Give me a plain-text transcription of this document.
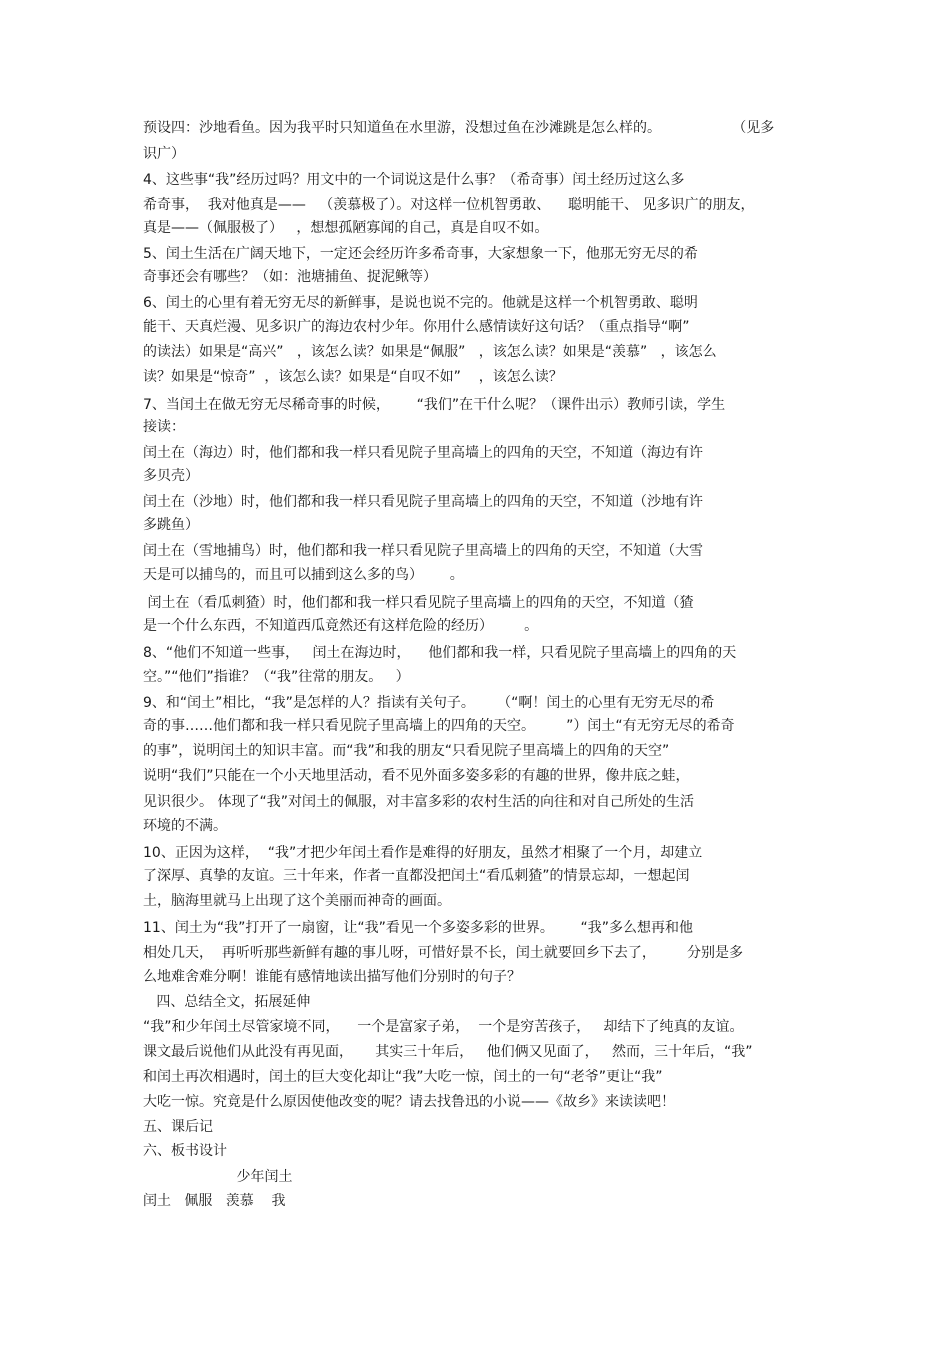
预设四：沙地看鱼。因为我平时只知道鱼在水里游，没想过鱼在沙滩跳是怎么样的。                （见多
识广）
4、这些事“我”经历过吗？用文中的一个词说这是什么事？（希奇事）闰土经历过这么多
希奇事，  我对他真是——   （羡慕极了）。对这样一位机智勇敢、    聪明能干、 见多识广的朋友，
真是——（佩服极了）   ，想想孤陋寡闻的自己，真是自叹不如。
5、闰土生活在广阔天地下，一定还会经历许多希奇事，大家想象一下，他那无穷无尽的希
奇事还会有哪些？（如：池塘捕鱼、捉泥鳅等）
6、闰土的心里有着无穷无尽的新鲜事，是说也说不完的。他就是这样一个机智勇敢、聪明
能干、天真烂漫、见多识广的海边农村少年。你用什么感情读好这句话？（重点指导“啊”
的读法）如果是“高兴”   ，该怎么读？如果是“佩服”   ，该怎么读？如果是“羡慕”   ，该怎么
读？如果是“惊奇”  ，该怎么读？如果是“自叹不如”    ，该怎么读？
7、当闰土在做无穷无尽稀奇事的时候，      “我们”在干什么呢？（课件出示）教师引读，学生
接读：
闰土在（海边）时，他们都和我一样只看见院子里高墙上的四角的天空，不知道（海边有许
多贝壳）
闰土在（沙地）时，他们都和我一样只看见院子里高墙上的四角的天空，不知道（沙地有许
多跳鱼）
闰土在（雪地捕鸟）时，他们都和我一样只看见院子里高墙上的四角的天空，不知道（大雪
天是可以捕鸟的，而且可以捕到这么多的鸟）      。
闰土在（看瓜刺猹）时，他们都和我一样只看见院子里高墙上的四角的天空，不知道（猹
是一个什么东西，不知道西瓜竟然还有这样危险的经历）       。
8、“他们不知道一些事，   闰土在海边时，    他们都和我一样，只看见院子里高墙上的四角的天
空。”“他们”指谁？（“我”往常的朋友。   ）
9、和“闰土”相比，“我”是怎样的人？指读有关句子。     （“啊！闰土的心里有无穷无尽的希
奇的事……他们都和我一样只看见院子里高墙上的四角的天空。       ”）闰土“有无穷无尽的希奇
的事”，说明闰土的知识丰富。而“我”和我的朋友“只看见院子里高墙上的四角的天空”
说明“我们”只能在一个小天地里活动，看不见外面多姿多彩的有趣的世界，像井底之蛙，
见识很少。 体现了“我”对闰土的佩服，对丰富多彩的农村生活的向往和对自己所处的生活
环境的不满。
10、正因为这样，  “我”才把少年闰土看作是难得的好朋友，虽然才相聚了一个月，却建立
了深厚、真挚的友谊。三十年来，作者一直都没把闰土“看瓜刺猹”的情景忘却，一想起闰
土，脑海里就马上出现了这个美丽而神奇的画面。
11、闰土为“我”打开了一扇窗，让“我”看见一个多姿多彩的世界。      “我”多么想再和他
相处几天，  再听听那些新鲜有趣的事儿呀，可惜好景不长，闰土就要回乡下去了，       分别是多
么地难舍难分啊！谁能有感情地读出描写他们分别时的句子？
四、总结全文，拓展延伸
“我”和少年闰土尽管家境不同，    一个是富家子弟，  一个是穷苦孩子，   却结下了纯真的友谊。
课文最后说他们从此没有再见面，     其实三十年后，   他们俩又见面了，   然而，三十年后，“我”
和闰土再次相遇时，闰土的巨大变化却让“我”大吃一惊，闰土的一句“老爷”更让“我”
大吃一惊。究竟是什么原因使他改变的呢？请去找鲁迅的小说——《故乡》来读读吧！
五、课后记
六、板书设计
少年闰土
闰土   佩服   羡慕    我
